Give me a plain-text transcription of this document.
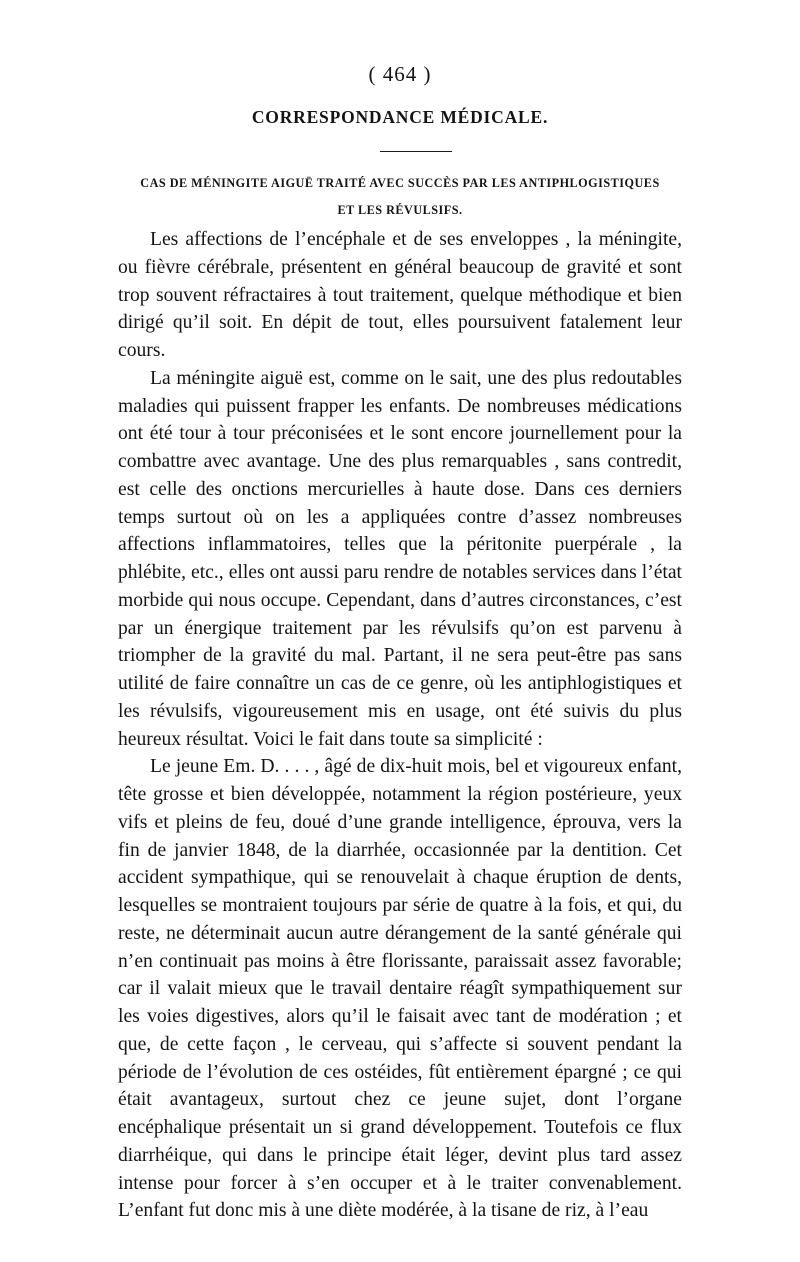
( 464 )
CORRESPONDANCE MÉDICALE.
CAS DE MÉNINGITE AIGUË TRAITÉ AVEC SUCCÈS PAR LES ANTIPHLOGISTIQUES
ET LES RÉVULSIFS.

Les affections de l’encéphale et de ses enveloppes , la méningite, ou fièvre cérébrale, présentent en général beaucoup de gravité et sont trop souvent réfractaires à tout traitement, quelque méthodique et bien dirigé qu’il soit. En dépit de tout, elles poursuivent fatalement leur cours.

La méningite aiguë est, comme on le sait, une des plus redoutables maladies qui puissent frapper les enfants. De nombreuses médications ont été tour à tour préconisées et le sont encore journellement pour la combattre avec avantage. Une des plus remarquables , sans contredit, est celle des onctions mercurielles à haute dose. Dans ces derniers temps surtout où on les a appliquées contre d’assez nombreuses affections inflammatoires, telles que la péritonite puerpérale , la phlébite, etc., elles ont aussi paru rendre de notables services dans l’état morbide qui nous occupe. Cependant, dans d’autres circonstances, c’est par un énergique traitement par les révulsifs qu’on est parvenu à triompher de la gravité du mal. Partant, il ne sera peut-être pas sans utilité de faire connaître un cas de ce genre, où les antiphlogistiques et les révulsifs, vigoureusement mis en usage, ont été suivis du plus heureux résultat. Voici le fait dans toute sa simplicité :

Le jeune Em. D. . . . , âgé de dix-huit mois, bel et vigoureux enfant, tête grosse et bien développée, notamment la région postérieure, yeux vifs et pleins de feu, doué d’une grande intelligence, éprouva, vers la fin de janvier 1848, de la diarrhée, occasionnée par la dentition. Cet accident sympathique, qui se renouvelait à chaque éruption de dents, lesquelles se montraient toujours par série de quatre à la fois, et qui, du reste, ne déterminait aucun autre dérangement de la santé générale qui n’en continuait pas moins à être florissante, paraissait assez favorable; car il valait mieux que le travail dentaire réagît sympathiquement sur les voies digestives, alors qu’il le faisait avec tant de modération ; et que, de cette façon , le cerveau, qui s’affecte si souvent pendant la période de l’évolution de ces ostéides, fût entièrement épargné ; ce qui était avantageux, surtout chez ce jeune sujet, dont l’organe encéphalique présentait un si grand développement. Toutefois ce flux diarrhéique, qui dans le principe était léger, devint plus tard assez intense pour forcer à s’en occuper et à le traiter convenablement. L’enfant fut donc mis à une diète modérée, à la tisane de riz, à l’eau
